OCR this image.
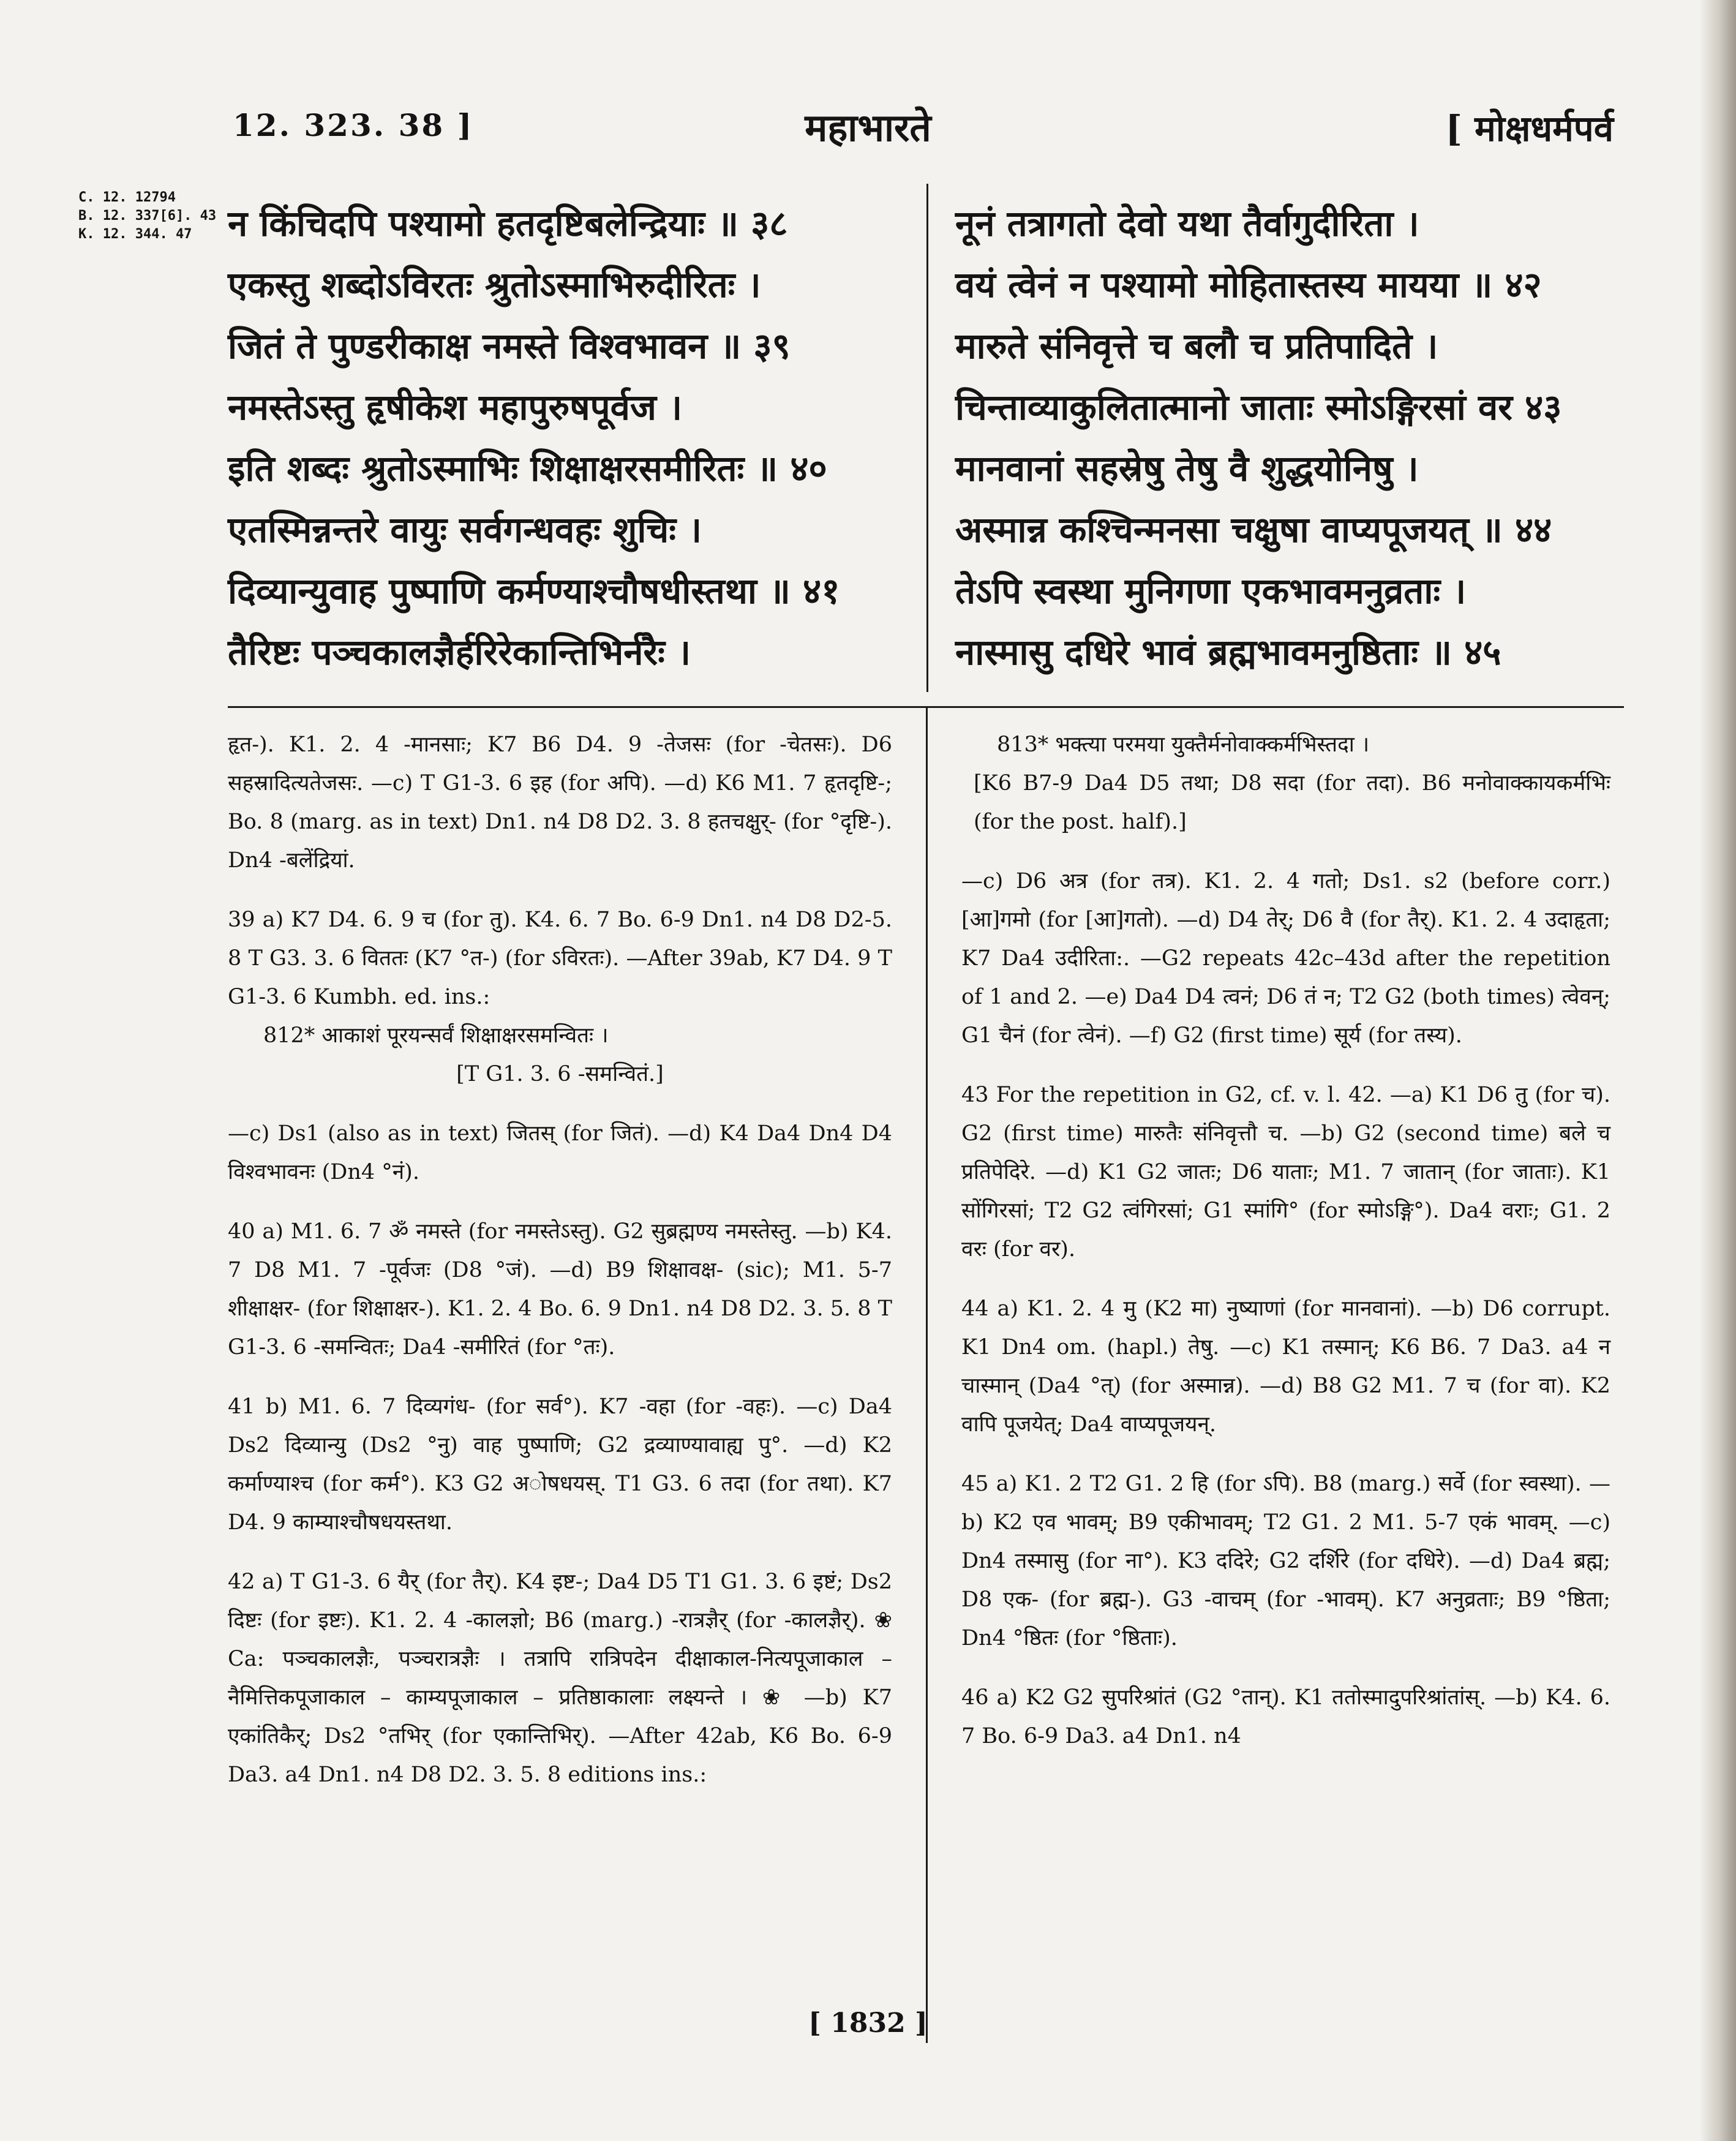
12. 323. 38 ]	महाभारते	[ मोक्षधर्मपर्व
C. 12. 12794
B. 12. 337[6]. 43
K. 12. 344. 47	न किंचिदपि पश्यामो हतदृष्टिबलेन्द्रियाः ॥ ३८
एकस्तु शब्दोऽविरतः श्रुतोऽस्माभिरुदीरितः ।
जितं ते पुण्डरीकाक्ष नमस्ते विश्वभावन ॥ ३९
नमस्तेऽस्तु हृषीकेश महापुरुषपूर्वज ।
इति शब्दः श्रुतोऽस्माभिः शिक्षाक्षरसमीरितः ॥ ४०
एतस्मिन्नन्तरे वायुः सर्वगन्धवहः शुचिः ।
दिव्यान्युवाह पुष्पाणि कर्मण्याश्चौषधीस्तथा ॥ ४१
तैरिष्टः पञ्चकालज्ञैर्हरिरेकान्तिभिर्नरैः ।
नूनं तत्रागतो देवो यथा तैर्वागुदीरिता ।
वयं त्वेनं न पश्यामो मोहितास्तस्य मायया ॥ ४२
मारुते संनिवृत्ते च बलौ च प्रतिपादिते ।
चिन्ताव्याकुलितात्मानो जाताः स्मोऽङ्गिरसां वर ४३
मानवानां सहस्रेषु तेषु वै शुद्धयोनिषु ।
अस्मान्न कश्चिन्मनसा चक्षुषा वाप्यपूजयत् ॥ ४४
तेऽपि स्वस्था मुनिगणा एकभावमनुव्रताः ।
नास्मासु दधिरे भावं ब्रह्मभावमनुष्ठिताः ॥ ४५

हृत-). K1. 2. 4 -मानसाः; K7 B6 D4. 9 -तेजसः (for -चेतसः). D6 सहस्रादित्यतेजसः. —c) T G1-3. 6 इह (for अपि). —d) K6 M1. 7 हृतदृष्टि-; Bo. 8 (marg. as in text) Dn1. n4 D8 D2. 3. 8 हतचक्षुर्- (for °दृष्टि-). Dn4 -बलेंद्रियां.

39 a) K7 D4. 6. 9 च (for तु). K4. 6. 7 Bo. 6-9 Dn1. n4 D8 D2-5. 8 T G3. 3. 6 विततः (K7 °त-) (for ऽविरतः). —After 39ab, K7 D4. 9 T G1-3. 6 Kumbh. ed. ins.:

812* आकाशं पूरयन्सर्वं शिक्षाक्षरसमन्वितः ।

[T G1. 3. 6 -समन्वितं.]

—c) Ds1 (also as in text) जितस् (for जितं). —d) K4 Da4 Dn4 D4 विश्वभावनः (Dn4 °नं).

40 a) M1. 6. 7 ॐ नमस्ते (for नमस्तेऽस्तु). G2 सुब्रह्मण्य नमस्तेस्तु. —b) K4. 7 D8 M1. 7 -पूर्वजः (D8 °जं). —d) B9 शिक्षावक्ष- (sic); M1. 5-7 शीक्षाक्षर- (for शिक्षाक्षर-). K1. 2. 4 Bo. 6. 9 Dn1. n4 D8 D2. 3. 5. 8 T G1-3. 6 -समन्वितः; Da4 -समीरितं (for °तः).

41 b) M1. 6. 7 दिव्यगंध- (for सर्व°). K7 -वहा (for -वहः). —c) Da4 Ds2 दिव्यान्यु (Ds2 °नु) वाह पुष्पाणि; G2 द्रव्याण्यावाह्य पु°. —d) K2 कर्माण्याश्च (for कर्म°). K3 G2 अोषधयस्. T1 G3. 6 तदा (for तथा). K7 D4. 9 काम्याश्चौषधयस्तथा.

42 a) T G1-3. 6 यैर् (for तैर्). K4 इष्ट-; Da4 D5 T1 G1. 3. 6 इष्टं; Ds2 दिष्टः (for इष्टः). K1. 2. 4 -कालज्ञो; B6 (marg.) -रात्रज्ञैर् (for -कालज्ञैर्). ❀ Ca: पञ्चकालज्ञैः, पञ्चरात्रज्ञैः । तत्रापि रात्रिपदेन दीक्षाकाल-नित्यपूजाकाल – नैमित्तिकपूजाकाल – काम्यपूजाकाल – प्रतिष्ठाकालाः लक्ष्यन्ते । ❀ —b) K7 एकांतिकैर्; Ds2 °तभिर् (for एकान्तिभिर्). —After 42ab, K6 Bo. 6-9 Da3. a4 Dn1. n4 D8 D2. 3. 5. 8 editions ins.:

813* भक्त्या परमया युक्तैर्मनोवाक्कर्मभिस्तदा ।

[K6 B7-9 Da4 D5 तथा; D8 सदा (for तदा). B6 मनोवाक्कायकर्मभिः (for the post. half).]

—c) D6 अत्र (for तत्र). K1. 2. 4 गतो; Ds1. s2 (before corr.) [आ]गमो (for [आ]गतो). —d) D4 तेर्; D6 वै (for तैर्). K1. 2. 4 उदाहृता; K7 Da4 उदीरिता:. —G2 repeats 42c–43d after the repetition of 1 and 2. —e) Da4 D4 त्वनं; D6 तं न; T2 G2 (both times) त्वेवन्; G1 चैनं (for त्वेनं). —f) G2 (first time) सूर्य (for तस्य).

43 For the repetition in G2, cf. v. l. 42. —a) K1 D6 तु (for च). G2 (first time) मारुतैः संनिवृत्तौ च. —b) G2 (second time) बले च प्रतिपेदिरे. —d) K1 G2 जातः; D6 याताः; M1. 7 जातान् (for जाताः). K1 सोंगिरसां; T2 G2 त्वंगिरसां; G1 स्मांगि° (for स्मोऽङ्गि°). Da4 वराः; G1. 2 वरः (for वर).

44 a) K1. 2. 4 मु (K2 मा) नुष्याणां (for मानवानां). —b) D6 corrupt. K1 Dn4 om. (hapl.) तेषु. —c) K1 तस्मान्; K6 B6. 7 Da3. a4 न चास्मान् (Da4 °त्) (for अस्मान्न). —d) B8 G2 M1. 7 च (for वा). K2 वापि पूजयेत्; Da4 वाप्यपूजयन्.

45 a) K1. 2 T2 G1. 2 हि (for ऽपि). B8 (marg.) सर्वे (for स्वस्था). —b) K2 एव भावम्; B9 एकीभावम्; T2 G1. 2 M1. 5-7 एकं भावम्. —c) Dn4 तस्मासु (for ना°). K3 ददिरे; G2 दर्शिरे (for दधिरे). —d) Da4 ब्रह्म; D8 एक- (for ब्रह्म-). G3 -वाचम् (for -भावम्). K7 अनुव्रताः; B9 °ष्ठिता; Dn4 °ष्ठितः (for °ष्ठिताः).

46 a) K2 G2 सुपरिश्रांतं (G2 °तान्). K1 ततोस्मादुपरिश्रांतांस्. —b) K4. 6. 7 Bo. 6-9 Da3. a4 Dn1. n4

[ 1832 ]
